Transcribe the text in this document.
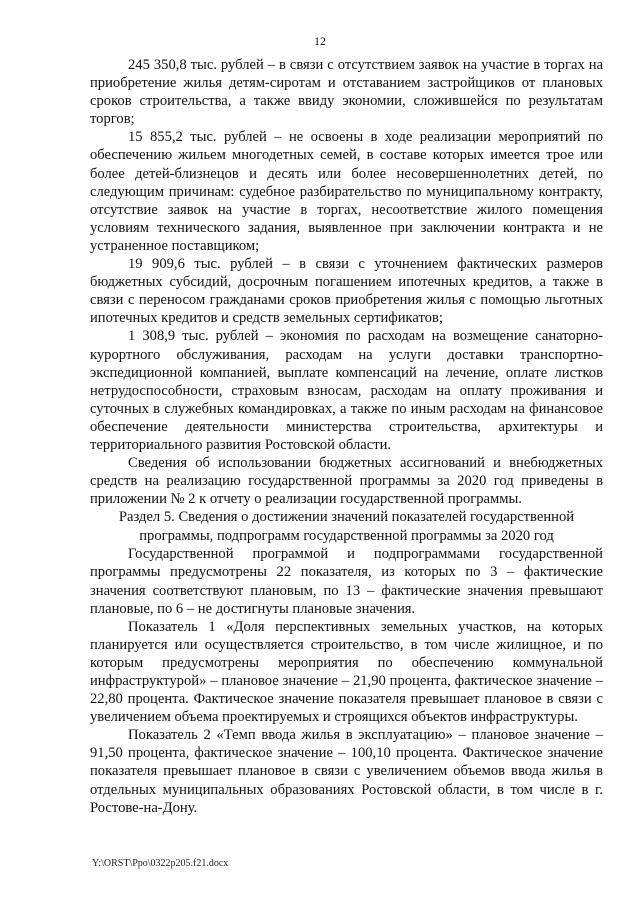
12

245 350,8 тыс. рублей – в связи с отсутствием заявок на участие в торгах на приобретение жилья детям-сиротам и отставанием застройщиков от плановых сроков строительства, а также ввиду экономии, сложившейся по результатам торгов;

15 855,2 тыс. рублей – не освоены в ходе реализации мероприятий по обеспечению жильем многодетных семей, в составе которых имеется трое или более детей-близнецов и десять или более несовершеннолетних детей, по следующим причинам: судебное разбирательство по муниципальному контракту, отсутствие заявок на участие в торгах, несоответствие жилого помещения условиям технического задания, выявленное при заключении контракта и не устраненное поставщиком;

19 909,6 тыс. рублей – в связи с уточнением фактических размеров бюджетных субсидий, досрочным погашением ипотечных кредитов, а также в связи с переносом гражданами сроков приобретения жилья с помощью льготных ипотечных кредитов и средств земельных сертификатов;

1 308,9 тыс. рублей – экономия по расходам на возмещение санаторно-курортного обслуживания, расходам на услуги доставки транспортно-экспедиционной компанией, выплате компенсаций на лечение, оплате листков нетрудоспособности, страховым взносам, расходам на оплату проживания и суточных в служебных командировках, а также по иным расходам на финансовое обеспечение деятельности министерства строительства, архитектуры и территориального развития Ростовской области.

Сведения об использовании бюджетных ассигнований и внебюджетных средств на реализацию государственной программы за 2020 год приведены в приложении № 2 к отчету о реализации государственной программы.

Раздел 5. Сведения о достижении значений показателей государственной
программы, подпрограмм государственной программы за 2020 год

Государственной программой и подпрограммами государственной программы предусмотрены 22 показателя, из которых по 3 – фактические значения соответствуют плановым, по 13 – фактические значения превышают плановые, по 6 – не достигнуты плановые значения.

Показатель 1 «Доля перспективных земельных участков, на которых планируется или осуществляется строительство, в том числе жилищное, и по которым предусмотрены мероприятия по обеспечению коммунальной инфраструктурой» – плановое значение – 21,90 процента, фактическое значение – 22,80 процента. Фактическое значение показателя превышает плановое в связи с увеличением объема проектируемых и строящихся объектов инфраструктуры.

Показатель 2 «Темп ввода жилья в эксплуатацию» – плановое значение – 91,50 процента, фактическое значение – 100,10 процента. Фактическое значение показателя превышает плановое в связи с увеличением объемов ввода жилья в отдельных муниципальных образованиях Ростовской области, в том числе в г. Ростове-на-Дону.

Y:\ORST\Ppo\0322p205.f21.docx
